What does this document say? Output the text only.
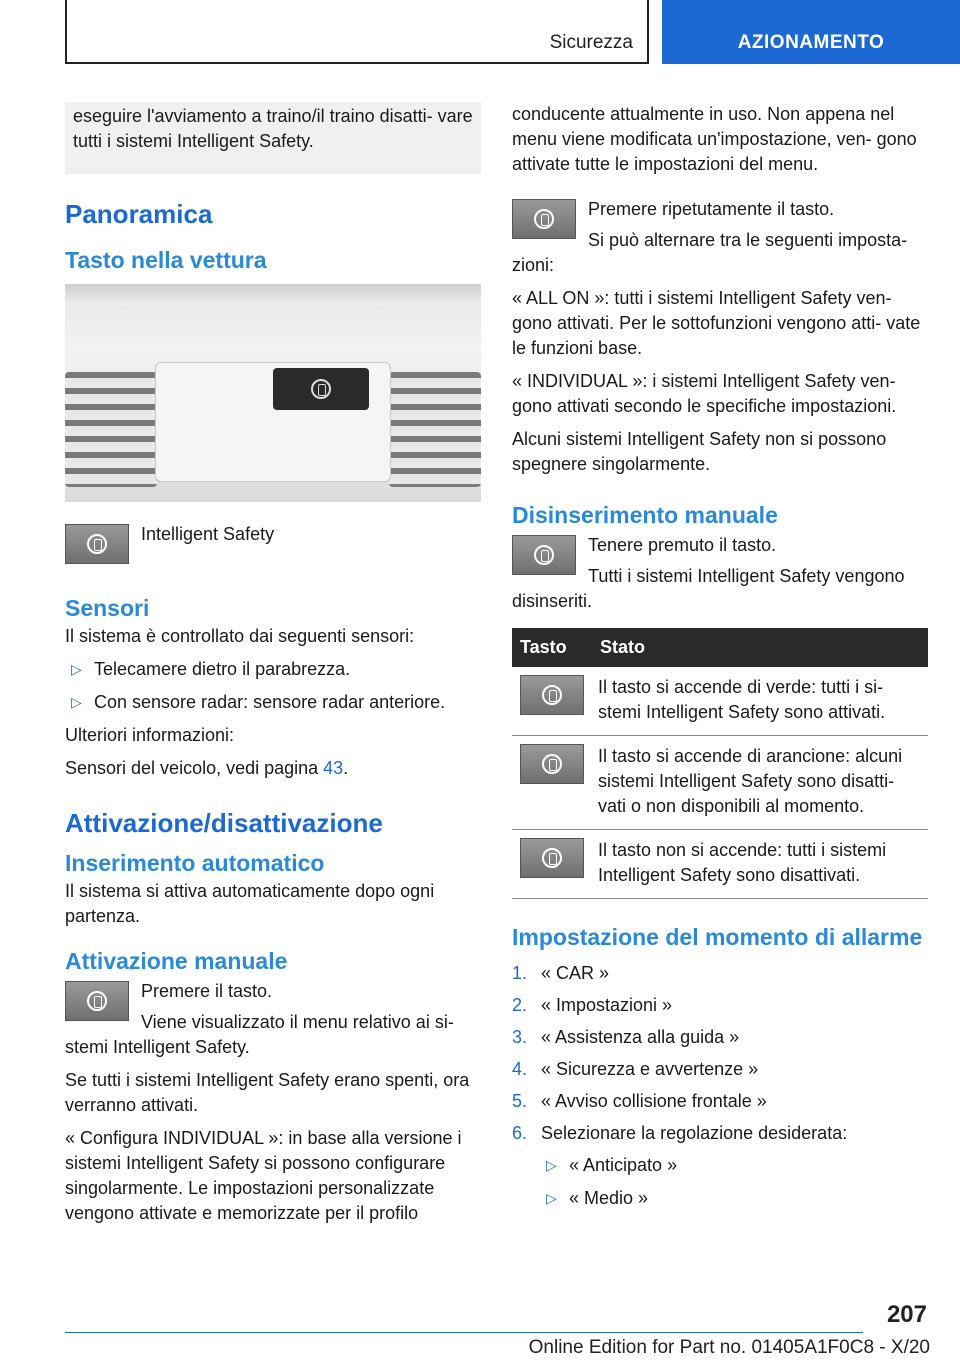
Sicurezza	AZIONAMENTO

eseguire l'avviamento a traino/il traino disatti- vare tutti i sistemi Intelligent Safety.

Panoramica
Tasto nella vettura

Intelligent Safety

Sensori

Il sistema è controllato dai seguenti sensori:

▷ Telecamere dietro il parabrezza.
▷ Con sensore radar: sensore radar anteriore.

Ulteriori informazioni:

Sensori del veicolo, vedi pagina 43.

Attivazione/disattivazione
Inserimento automatico

Il sistema si attiva automaticamente dopo ogni partenza.

Attivazione manuale

Premere il tasto.

Viene visualizzato il menu relativo ai si- stemi Intelligent Safety.

Se tutti i sistemi Intelligent Safety erano spenti, ora verranno attivati.

« Configura INDIVIDUAL »: in base alla versione i sistemi Intelligent Safety si possono configurare singolarmente. Le impostazioni personalizzate vengono attivate e memorizzate per il profilo

conducente attualmente in uso. Non appena nel menu viene modificata un'impostazione, ven- gono attivate tutte le impostazioni del menu.

Premere ripetutamente il tasto.

Si può alternare tra le seguenti imposta- zioni:

« ALL ON »: tutti i sistemi Intelligent Safety ven- gono attivati. Per le sottofunzioni vengono atti- vate le funzioni base.

« INDIVIDUAL »: i sistemi Intelligent Safety ven- gono attivati secondo le specifiche impostazioni.

Alcuni sistemi Intelligent Safety non si possono spegnere singolarmente.

Disinserimento manuale

Tenere premuto il tasto.

Tutti i sistemi Intelligent Safety vengono disinseriti.

Tasto	Stato

	Il tasto si accende di verde: tutti i si- stemi Intelligent Safety sono attivati.

	Il tasto si accende di arancione: alcuni sistemi Intelligent Safety sono disatti- vati o non disponibili al momento.

	Il tasto non si accende: tutti i sistemi Intelligent Safety sono disattivati.
Impostazione del momento di allarme
1. « CAR »
2. « Impostazioni »
3. « Assistenza alla guida »
4. « Sicurezza e avvertenze »
5. « Avviso collisione frontale »
6. Selezionare la regolazione desiderata:
▷ « Anticipato »
▷ « Medio »
207
Online Edition for Part no. 01405A1F0C8 - X/20
